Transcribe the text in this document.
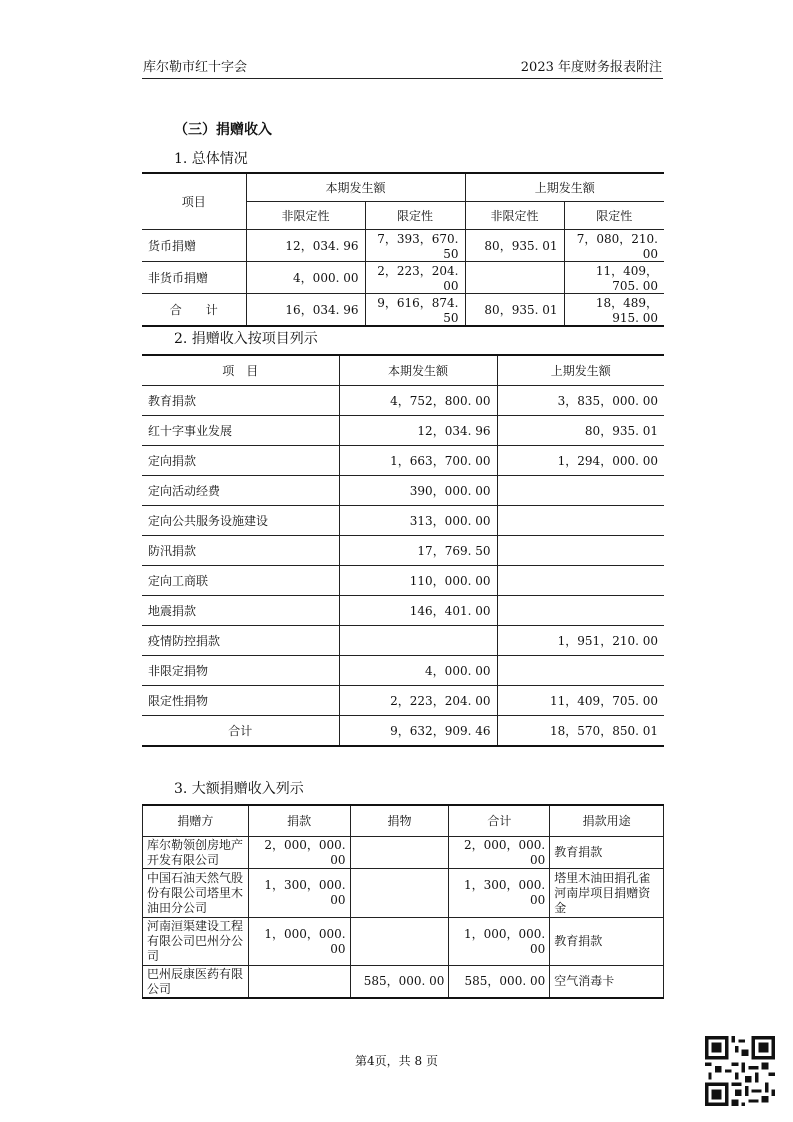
库尔勒市红十字会	2023 年度财务报表附注
（三）捐赠收入
1. 总体情况
项目	本期发生额		上期发生额	
	非限定性	限定性	非限定性	限定性
货币捐赠	12，034. 96	7，393，670. 50	80，935. 01	7，080，210. 00
非货币捐赠	4，000. 00	2，223，204. 00		11，409，705. 00
合　　计	16，034. 96	9，616，874. 50	80，935. 01	18，489，915. 00
2. 捐赠收入按项目列示
项　目	本期发生额	上期发生额
教育捐款	4，752，800. 00	3，835，000. 00
红十字事业发展	12，034. 96	80，935. 01
定向捐款	1，663，700. 00	1，294，000. 00
定向活动经费	390，000. 00	
定向公共服务设施建设	313，000. 00	
防汛捐款	17，769. 50	
定向工商联	110，000. 00	
地震捐款	146，401. 00	
疫情防控捐款		1，951，210. 00
非限定捐物	4，000. 00	
限定性捐物	2，223，204. 00	11，409，705. 00
合计	9，632，909. 46	18，570，850. 01
3. 大额捐赠收入列示
捐赠方	捐款	捐物	合计	捐款用途
库尔勒领创房地产开发有限公司	2，000，000. 00		2，000，000. 00	教育捐款
中国石油天然气股份有限公司塔里木油田分公司	1，300，000. 00		1，300，000. 00	塔里木油田捐孔雀河南岸项目捐赠资金
河南洹渠建设工程有限公司巴州分公司	1，000，000. 00		1，000，000. 00	教育捐款
巴州辰康医药有限公司		585，000. 00	585，000. 00	空气消毒卡
第4页，共 8 页
